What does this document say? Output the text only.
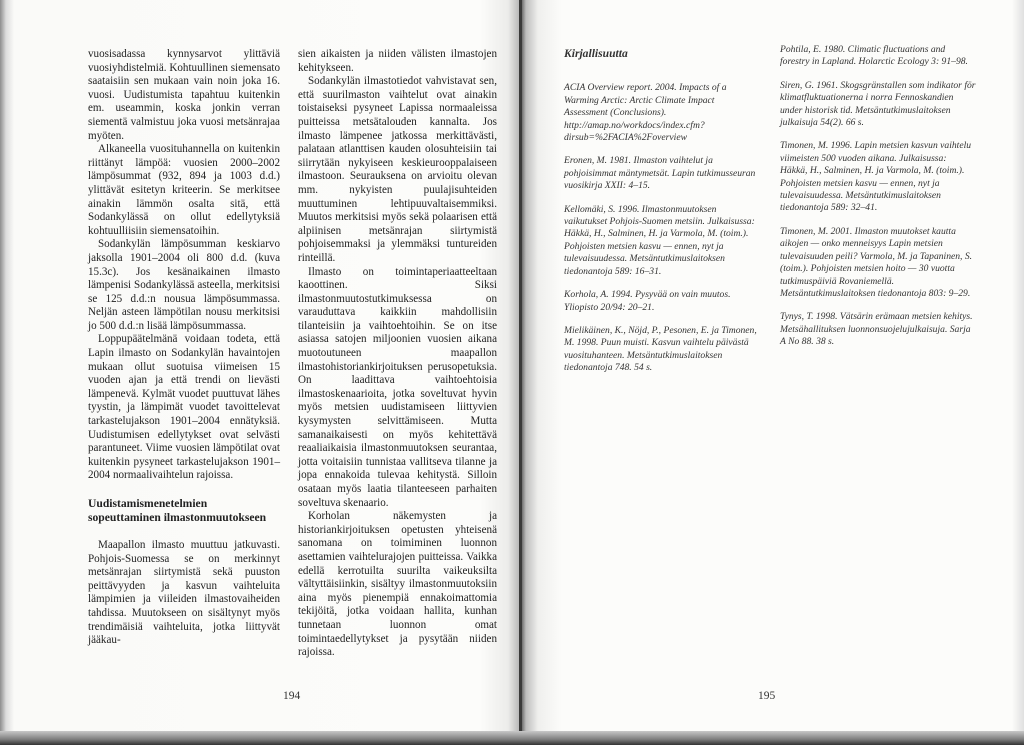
vuosisadassa kynnysarvot ylittäviä vuosiyhdistelmiä. Kohtuullinen siemensato saataisiin sen mukaan vain noin joka 16. vuosi. Uudistumista tapahtuu kuitenkin em. useammin, koska jonkin verran siementä valmistuu joka vuosi metsänrajaa myöten.

Alkaneella vuosituhannella on kuitenkin riittänyt lämpöä: vuosien 2000–2002 lämpösummat (932, 894 ja 1003 d.d.) ylittävät esitetyn kriteerin. Se merkitsee ainakin lämmön osalta sitä, että Sodankylässä on ollut edellytyksiä kohtuulliisiin siemensatoihin.

Sodankylän lämpösumman keskiarvo jaksolla 1901–2004 oli 800 d.d. (kuva 15.3c). Jos kesänaikainen ilmasto lämpenisi Sodankylässä asteella, merkitsisi se 125 d.d.:n nousua lämpösummassa. Neljän asteen lämpötilan nousu merkitsisi jo 500 d.d.:n lisää lämpösummassa.

Loppupäätelmänä voidaan todeta, että Lapin ilmasto on Sodankylän havaintojen mukaan ollut suotuisa viimeisen 15 vuoden ajan ja että trendi on lievästi lämpenevä. Kylmät vuodet puuttuvat lähes tyystin, ja lämpimät vuodet tavoittelevat tarkastelujakson 1901–2004 ennätyksiä. Uudistumisen edellytykset ovat selvästi parantuneet. Viime vuosien lämpötilat ovat kuitenkin pysyneet tarkastelujakson 1901–2004 normaalivaihtelun rajoissa.

Uudistamismenetelmien sopeuttaminen ilmastonmuutokseen

Maapallon ilmasto muuttuu jatkuvasti. Pohjois-Suomessa se on merkinnyt metsänrajan siirtymistä sekä puuston peittävyyden ja kasvun vaihteluita lämpimien ja viileiden ilmastovaiheiden tahdissa. Muutokseen on sisältynyt myös trendimäisiä vaihteluita, jotka liittyvät jääkau-

sien aikaisten ja niiden välisten ilmastojen kehitykseen.

Sodankylän ilmastotiedot vahvistavat sen, että suurilmaston vaihtelut ovat ainakin toistaiseksi pysyneet Lapissa normaaleissa puitteissa metsätalouden kannalta. Jos ilmasto lämpenee jatkossa merkittävästi, palataan atlanttisen kauden olosuhteisiin tai siirrytään nykyiseen keskieurooppalaiseen ilmastoon. Seurauksena on arvioitu olevan mm. nykyisten puulajisuhteiden muuttuminen lehtipuuvaltaisemmiksi. Muutos merkitsisi myös sekä polaarisen että alpiinisen metsänrajan siirtymistä pohjoisemmaksi ja ylemmäksi tuntureiden rinteillä.

Ilmasto on toimintaperiaatteeltaan kaoottinen. Siksi ilmastonmuutostutkimuksessa on varauduttava kaikkiin mahdollisiin tilanteisiin ja vaihtoehtoihin. Se on itse asiassa satojen miljoonien vuosien aikana muotoutuneen maapallon ilmastohistoriankirjoituksen perusopetuksia. On laadittava vaihtoehtoisia ilmastoskenaarioita, jotka soveltuvat hyvin myös metsien uudistamiseen liittyvien kysymysten selvittämiseen. Mutta samanaikaisesti on myös kehitettävä reaaliaikaisia ilmastonmuutoksen seurantaa, jotta voitaisiin tunnistaa vallitseva tilanne ja jopa ennakoida tulevaa kehitystä. Silloin osataan myös laatia tilanteeseen parhaiten soveltuva skenaario.

Korholan näkemysten ja historiankirjoituksen opetusten yhteisenä sanomana on toimiminen luonnon asettamien vaihtelurajojen puitteissa. Vaikka edellä kerrotuilta suurilta vaikeuksilta vältyttäisiinkin, sisältyy ilmastonmuutoksiin aina myös pienempiä ennakoimattomia tekijöitä, jotka voidaan hallita, kunhan tunnetaan luonnon omat toimintaedellytykset ja pysytään niiden rajoissa.

194
Kirjallisuutta

ACIA Overview report. 2004. Impacts of a Warming Arctic: Arctic Climate Impact Assessment (Conclusions). http://amap.no/workdocs/index.cfm?dirsub=%2FACIA%2Foverview

Eronen, M. 1981. Ilmaston vaihtelut ja pohjoisimmat mäntymetsät. Lapin tutkimusseuran vuosikirja XXII: 4–15.

Kellomäki, S. 1996. Ilmastonmuutoksen vaikutukset Pohjois-Suomen metsiin. Julkaisussa: Häkkä, H., Salminen, H. ja Varmola, M. (toim.). Pohjoisten metsien kasvu — ennen, nyt ja tulevaisuudessa. Metsäntutkimuslaitoksen tiedonantoja 589: 16–31.

Korhola, A. 1994. Pysyvää on vain muutos. Yliopisto 20/94: 20–21.

Mielikäinen, K., Nöjd, P., Pesonen, E. ja Timonen, M. 1998. Puun muisti. Kasvun vaihtelu päivästä vuosituhanteen. Metsäntutkimuslaitoksen tiedonantoja 748. 54 s.

Pohtila, E. 1980. Climatic fluctuations and forestry in Lapland. Holarctic Ecology 3: 91–98.

Siren, G. 1961. Skogsgränstallen som indikator för klimatfluktuationerna i norra Fennoskandien under historisk tid. Metsäntutkimuslaitoksen julkaisuja 54(2). 66 s.

Timonen, M. 1996. Lapin metsien kasvun vaihtelu viimeisten 500 vuoden aikana. Julkaisussa: Häkkä, H., Salminen, H. ja Varmola, M. (toim.). Pohjoisten metsien kasvu — ennen, nyt ja tulevaisuudessa. Metsäntutkimuslaitoksen tiedonantoja 589: 32–41.

Timonen, M. 2001. Ilmaston muutokset kautta aikojen — onko menneisyys Lapin metsien tulevaisuuden peili? Varmola, M. ja Tapaninen, S. (toim.). Pohjoisten metsien hoito — 30 vuotta tutkimuspäiviä Rovaniemellä. Metsäntutkimuslaitoksen tiedonantoja 803: 9–29.

Tynys, T. 1998. Vätsärin erämaan metsien kehitys. Metsähallituksen luonnonsuojelujulkaisuja. Sarja A No 88. 38 s.

195
